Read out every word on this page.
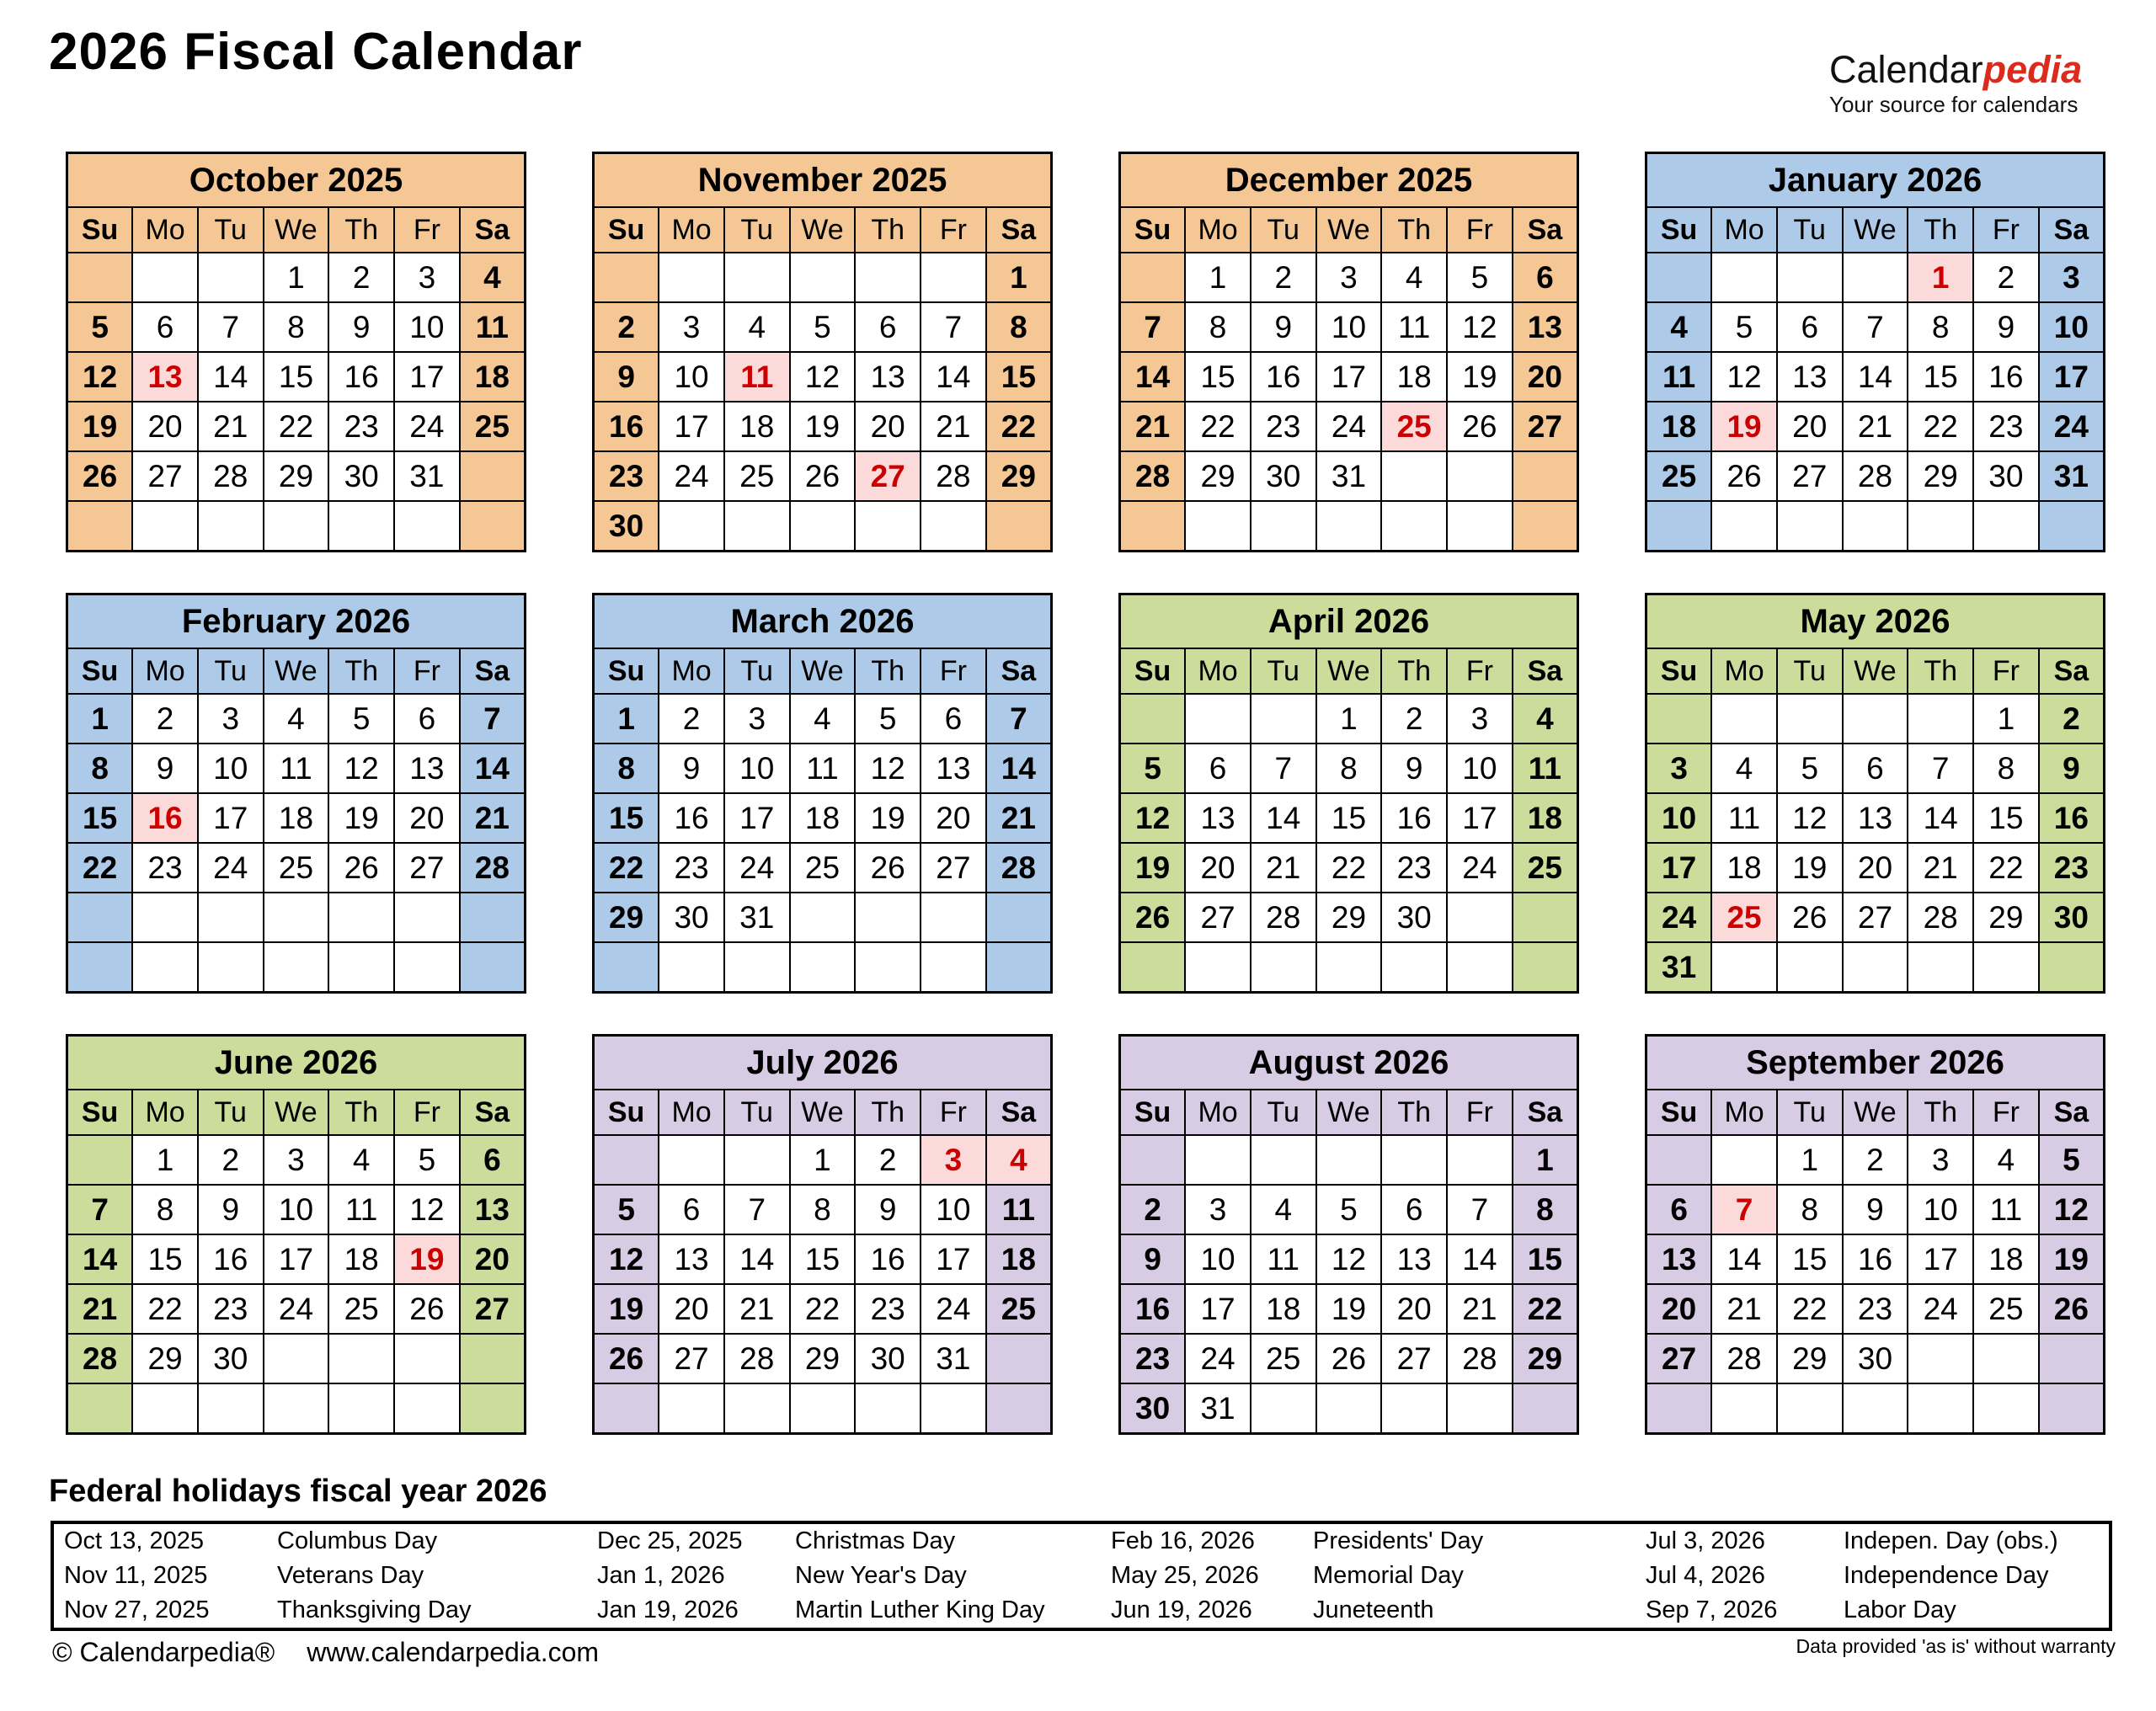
2026 Fiscal Calendar	Calendarpedia
Your source for calendars
October 2025						
Su	Mo	Tu	We	Th	Fr	Sa
			1	2	3	4
5	6	7	8	9	10	11
12	13	14	15	16	17	18
19	20	21	22	23	24	25
26	27	28	29	30	31	

November 2025						
Su	Mo	Tu	We	Th	Fr	Sa
						1
2	3	4	5	6	7	8
9	10	11	12	13	14	15
16	17	18	19	20	21	22
23	24	25	26	27	28	29
30						
December 2025						
Su	Mo	Tu	We	Th	Fr	Sa
	1	2	3	4	5	6
7	8	9	10	11	12	13
14	15	16	17	18	19	20
21	22	23	24	25	26	27
28	29	30	31			

January 2026						
Su	Mo	Tu	We	Th	Fr	Sa
				1	2	3
4	5	6	7	8	9	10
11	12	13	14	15	16	17
18	19	20	21	22	23	24
25	26	27	28	29	30	31

February 2026						
Su	Mo	Tu	We	Th	Fr	Sa
1	2	3	4	5	6	7
8	9	10	11	12	13	14
15	16	17	18	19	20	21
22	23	24	25	26	27	28

March 2026						
Su	Mo	Tu	We	Th	Fr	Sa
1	2	3	4	5	6	7
8	9	10	11	12	13	14
15	16	17	18	19	20	21
22	23	24	25	26	27	28
29	30	31				

April 2026						
Su	Mo	Tu	We	Th	Fr	Sa
			1	2	3	4
5	6	7	8	9	10	11
12	13	14	15	16	17	18
19	20	21	22	23	24	25
26	27	28	29	30		

May 2026						
Su	Mo	Tu	We	Th	Fr	Sa
					1	2
3	4	5	6	7	8	9
10	11	12	13	14	15	16
17	18	19	20	21	22	23
24	25	26	27	28	29	30
31						
June 2026						
Su	Mo	Tu	We	Th	Fr	Sa
	1	2	3	4	5	6
7	8	9	10	11	12	13
14	15	16	17	18	19	20
21	22	23	24	25	26	27
28	29	30				

July 2026						
Su	Mo	Tu	We	Th	Fr	Sa
			1	2	3	4
5	6	7	8	9	10	11
12	13	14	15	16	17	18
19	20	21	22	23	24	25
26	27	28	29	30	31	

August 2026						
Su	Mo	Tu	We	Th	Fr	Sa
						1
2	3	4	5	6	7	8
9	10	11	12	13	14	15
16	17	18	19	20	21	22
23	24	25	26	27	28	29
30	31					
September 2026						
Su	Mo	Tu	We	Th	Fr	Sa
		1	2	3	4	5
6	7	8	9	10	11	12
13	14	15	16	17	18	19
20	21	22	23	24	25	26
27	28	29	30			

Federal holidays fiscal year 2026
Oct 13, 2025	Columbus Day	Dec 25, 2025	Christmas Day	Feb 16, 2026	Presidents' Day	Jul 3, 2026	Indepen. Day (obs.)
Nov 11, 2025	Veterans Day	Jan 1, 2026	New Year's Day	May 25, 2026	Memorial Day	Jul 4, 2026	Independence Day
Nov 27, 2025	Thanksgiving Day	Jan 19, 2026	Martin Luther King Day	Jun 19, 2026	Juneteenth	Sep 7, 2026	Labor Day
© Calendarpedia® www.calendarpedia.com	Data provided 'as is' without warranty
